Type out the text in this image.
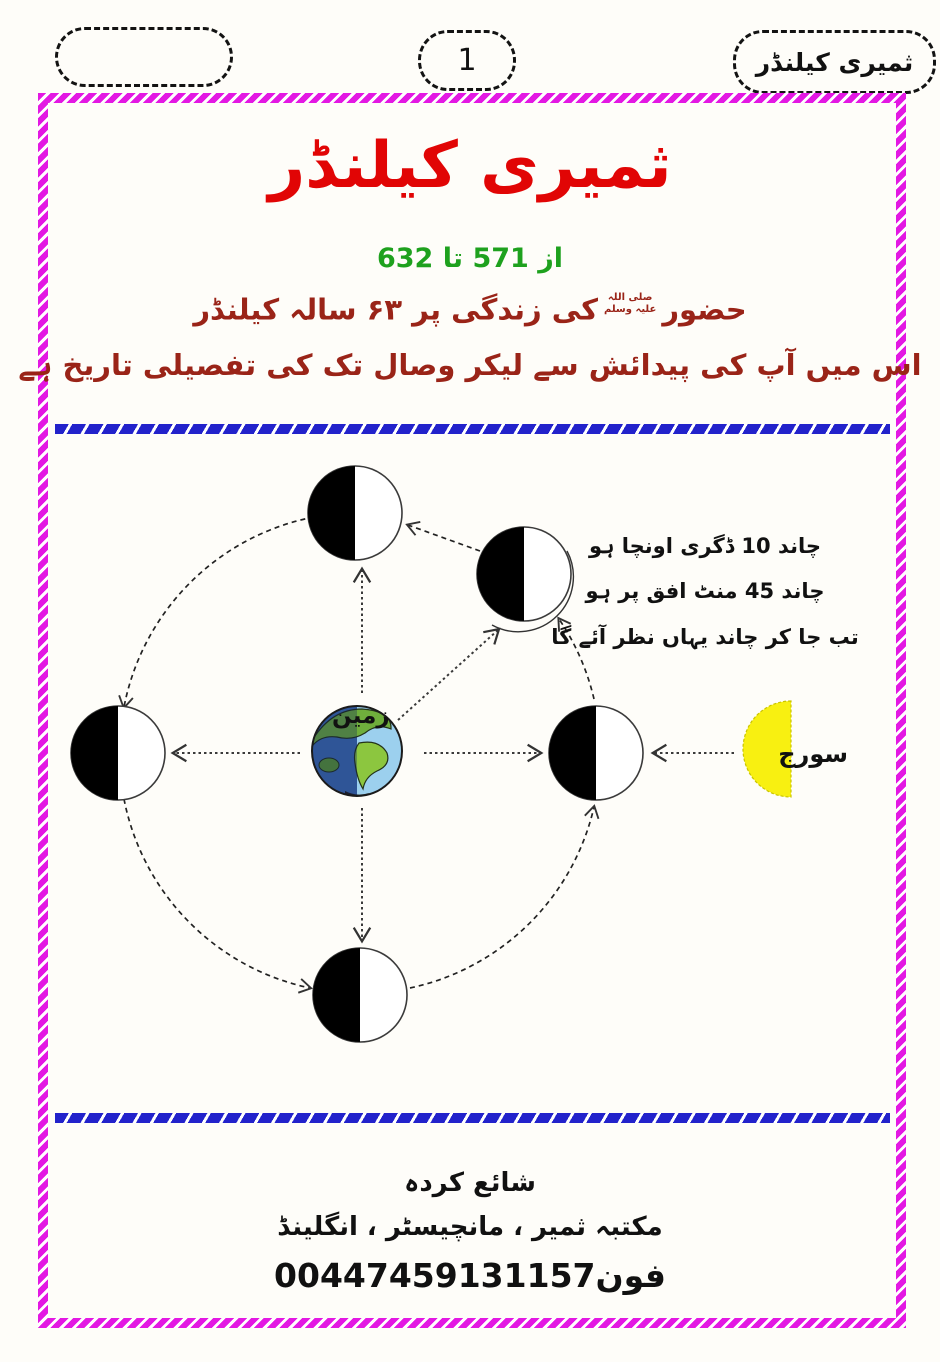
1	ثمیری کیلنڈر
ثمیری کیلنڈر
از 571 تا 632
حضور
صلی اللہ
علیہ وسلم
کی زندگی پر ۶۳ سالہ کیلنڈر
اس میں آپ کی پیدائش سے لیکر وصال تک کی تفصیلی تاریخ ہے
چاند 10 ڈگری اونچا ہو
چاند 45 منٹ افق پر ہو
تب جا کر چاند یہاں نظر آئے گا
زمین
سورج
شائع کردہ
مکتبہ ثمیر ، مانچیسٹر ، انگلینڈ
فون00447459131157
